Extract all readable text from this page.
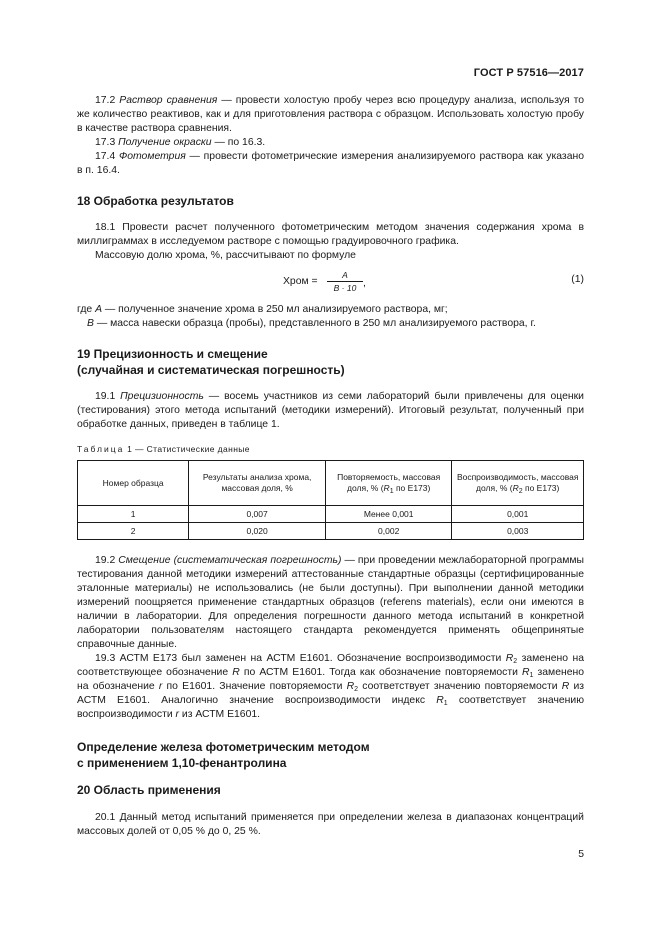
ГОСТ Р 57516—2017

17.2 Раствор сравнения — провести холостую пробу через всю процедуру анализа, используя то же количество реактивов, как и для приготовления раствора с образцом. Использовать холостую пробу в качестве раствора сравнения.

17.3 Получение окраски — по 16.3.

17.4 Фотометрия — провести фотометрические измерения анализируемого раствора как указано в п. 16.4.

18 Обработка результатов

18.1 Провести расчет полученного фотометрическим методом значения содержания хрома в миллиграммах в исследуемом растворе с помощью градуировочного графика.

Массовую долю хрома, %, рассчитывают по формуле

Хром = $\frac{A}{B \cdot 10}$ ,	(1)

где A — полученное значение хрома в 250 мл анализируемого раствора, мг;

B — масса навески образца (пробы), представленного в 250 мл анализируемого раствора, г.

19 Прецизионность и смещение
(случайная и систематическая погрешность)

19.1 Прецизионность — восемь участников из семи лабораторий были привлечены для оценки (тестирования) этого метода испытаний (методики измерений). Итоговый результат, полученный при обработке данных, приведен в таблице 1.

Таблица 1 — Статистические данные

Номер образца	Результаты анализа хрома, массовая доля, %	Повторяемость, массовая доля, % ($R_1$ по E173)	Воспроизводимость, массовая доля, % ($R_2$ по E173)
1	0,007	Менее 0,001	0,001
2	0,020	0,002	0,003

19.2 Смещение (систематическая погрешность) — при проведении межлабораторной программы тестирования данной методики измерений аттестованные стандартные образцы (сертифицированные эталонные материалы) не использовались (не были доступны). При выполнении данной методики измерений поощряется применение стандартных образцов (referens materials), если они имеются в наличии в лаборатории. Для определения погрешности данного метода испытаний в конкретной лаборатории пользователям настоящего стандарта рекомендуется применять общепринятые справочные данные.

19.3 АСТМ Е173 был заменен на АСТМ Е1601. Обозначение воспроизводимости $R_2$ заменено на соответствующее обозначение R по АСТМ Е1601. Тогда как обозначение повторяемости $R_1$ заменено на обозначение r по Е1601. Значение повторяемости $R_2$ соответствует значению повторяемости R из АСТМ Е1601. Аналогично значение воспроизводимости индекс $R_1$ соответствует значению воспроизводимости r из АСТМ Е1601.

Определение железа фотометрическим методом
с применением 1,10-фенантролина
20 Область применения

20.1 Данный метод испытаний применяется при определении железа в диапазонах концентраций массовых долей от 0,05 % до 0, 25 %.

5
